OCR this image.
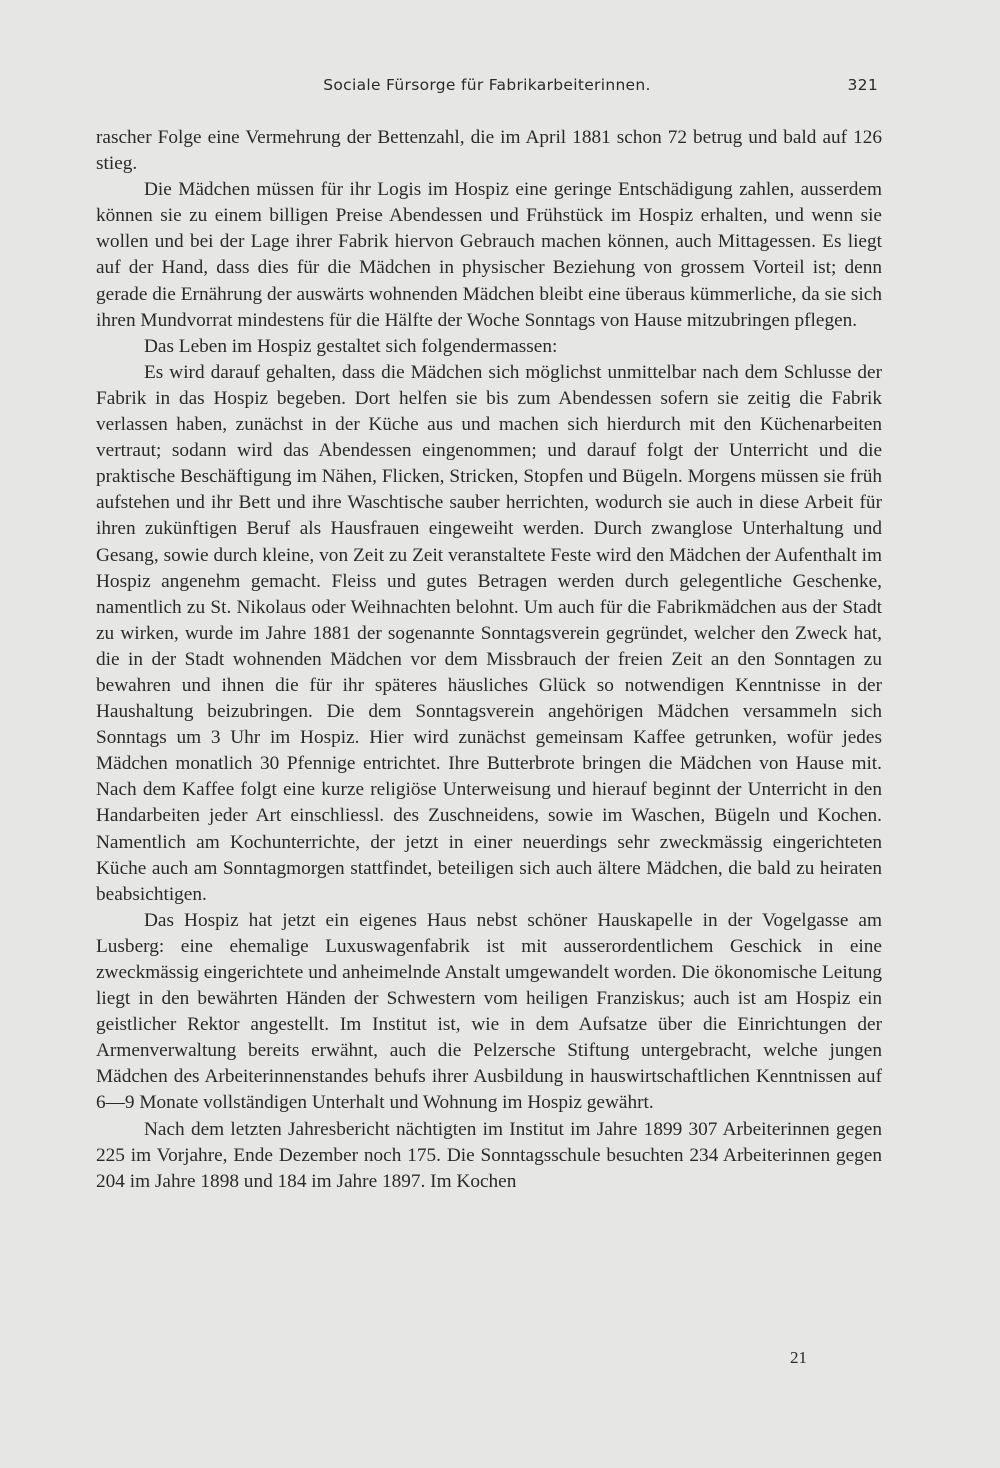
Sociale Fürsorge für Fabrikarbeiterinnen.	321

rascher Folge eine Vermehrung der Bettenzahl, die im April 1881 schon 72 betrug und bald auf 126 stieg.

Die Mädchen müssen für ihr Logis im Hospiz eine geringe Entschädigung zahlen, ausserdem können sie zu einem billigen Preise Abendessen und Frühstück im Hospiz erhalten, und wenn sie wollen und bei der Lage ihrer Fabrik hiervon Gebrauch machen können, auch Mittagessen. Es liegt auf der Hand, dass dies für die Mädchen in physischer Beziehung von grossem Vorteil ist; denn gerade die Ernährung der auswärts wohnenden Mädchen bleibt eine überaus kümmerliche, da sie sich ihren Mundvorrat mindestens für die Hälfte der Woche Sonntags von Hause mitzubringen pflegen.

Das Leben im Hospiz gestaltet sich folgendermassen:

Es wird darauf gehalten, dass die Mädchen sich möglichst unmittelbar nach dem Schlusse der Fabrik in das Hospiz begeben. Dort helfen sie bis zum Abendessen sofern sie zeitig die Fabrik verlassen haben, zunächst in der Küche aus und machen sich hierdurch mit den Küchenarbeiten vertraut; sodann wird das Abendessen eingenommen; und darauf folgt der Unterricht und die praktische Beschäftigung im Nähen, Flicken, Stricken, Stopfen und Bügeln. Morgens müssen sie früh aufstehen und ihr Bett und ihre Waschtische sauber herrichten, wodurch sie auch in diese Arbeit für ihren zukünftigen Beruf als Hausfrauen eingeweiht werden. Durch zwanglose Unterhaltung und Gesang, sowie durch kleine, von Zeit zu Zeit veranstaltete Feste wird den Mädchen der Aufenthalt im Hospiz angenehm gemacht. Fleiss und gutes Betragen werden durch gelegentliche Geschenke, namentlich zu St. Nikolaus oder Weihnachten belohnt. Um auch für die Fabrikmädchen aus der Stadt zu wirken, wurde im Jahre 1881 der sogenannte Sonntagsverein gegründet, welcher den Zweck hat, die in der Stadt wohnenden Mädchen vor dem Missbrauch der freien Zeit an den Sonntagen zu bewahren und ihnen die für ihr späteres häusliches Glück so notwendigen Kenntnisse in der Haushaltung beizubringen. Die dem Sonntagsverein angehörigen Mädchen versammeln sich Sonntags um 3 Uhr im Hospiz. Hier wird zunächst gemeinsam Kaffee getrunken, wofür jedes Mädchen monatlich 30 Pfennige entrichtet. Ihre Butterbrote bringen die Mädchen von Hause mit. Nach dem Kaffee folgt eine kurze religiöse Unterweisung und hierauf beginnt der Unterricht in den Handarbeiten jeder Art einschliessl. des Zuschneidens, sowie im Waschen, Bügeln und Kochen. Namentlich am Kochunterrichte, der jetzt in einer neuerdings sehr zweckmässig eingerichteten Küche auch am Sonntagmorgen stattfindet, beteiligen sich auch ältere Mädchen, die bald zu heiraten beabsichtigen.

Das Hospiz hat jetzt ein eigenes Haus nebst schöner Hauskapelle in der Vogelgasse am Lusberg: eine ehemalige Luxuswagenfabrik ist mit ausserordentlichem Geschick in eine zweckmässig eingerichtete und anheimelnde Anstalt umgewandelt worden. Die ökonomische Leitung liegt in den bewährten Händen der Schwestern vom heiligen Franziskus; auch ist am Hospiz ein geistlicher Rektor angestellt. Im Institut ist, wie in dem Aufsatze über die Einrichtungen der Armenverwaltung bereits erwähnt, auch die Pelzersche Stiftung untergebracht, welche jungen Mädchen des Arbeiterinnenstandes behufs ihrer Ausbildung in hauswirtschaftlichen Kenntnissen auf 6—9 Monate vollständigen Unterhalt und Wohnung im Hospiz gewährt.

Nach dem letzten Jahresbericht nächtigten im Institut im Jahre 1899 307 Arbeiterinnen gegen 225 im Vorjahre, Ende Dezember noch 175. Die Sonntagsschule besuchten 234 Arbeiterinnen gegen 204 im Jahre 1898 und 184 im Jahre 1897. Im Kochen

21
